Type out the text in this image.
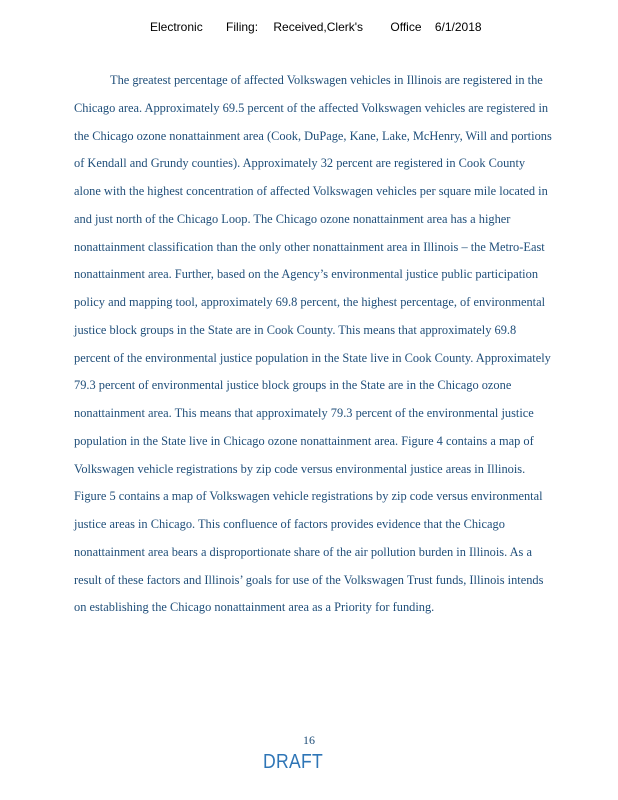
Electronic Filing: Received,Clerk's Office 6/1/2018
The greatest percentage of affected Volkswagen vehicles in Illinois are registered in the
Chicago area. Approximately 69.5 percent of the affected Volkswagen vehicles are registered in
the Chicago ozone nonattainment area (Cook, DuPage, Kane, Lake, McHenry, Will and portions
of Kendall and Grundy counties). Approximately 32 percent are registered in Cook County
alone with the highest concentration of affected Volkswagen vehicles per square mile located in
and just north of the Chicago Loop. The Chicago ozone nonattainment area has a higher
nonattainment classification than the only other nonattainment area in Illinois – the Metro-East
nonattainment area. Further, based on the Agency’s environmental justice public participation
policy and mapping tool, approximately 69.8 percent, the highest percentage, of environmental
justice block groups in the State are in Cook County. This means that approximately 69.8
percent of the environmental justice population in the State live in Cook County. Approximately
79.3 percent of environmental justice block groups in the State are in the Chicago ozone
nonattainment area. This means that approximately 79.3 percent of the environmental justice
population in the State live in Chicago ozone nonattainment area. Figure 4 contains a map of
Volkswagen vehicle registrations by zip code versus environmental justice areas in Illinois.
Figure 5 contains a map of Volkswagen vehicle registrations by zip code versus environmental
justice areas in Chicago. This confluence of factors provides evidence that the Chicago
nonattainment area bears a disproportionate share of the air pollution burden in Illinois. As a
result of these factors and Illinois’ goals for use of the Volkswagen Trust funds, Illinois intends
on establishing the Chicago nonattainment area as a Priority for funding.
16
DRAFT
